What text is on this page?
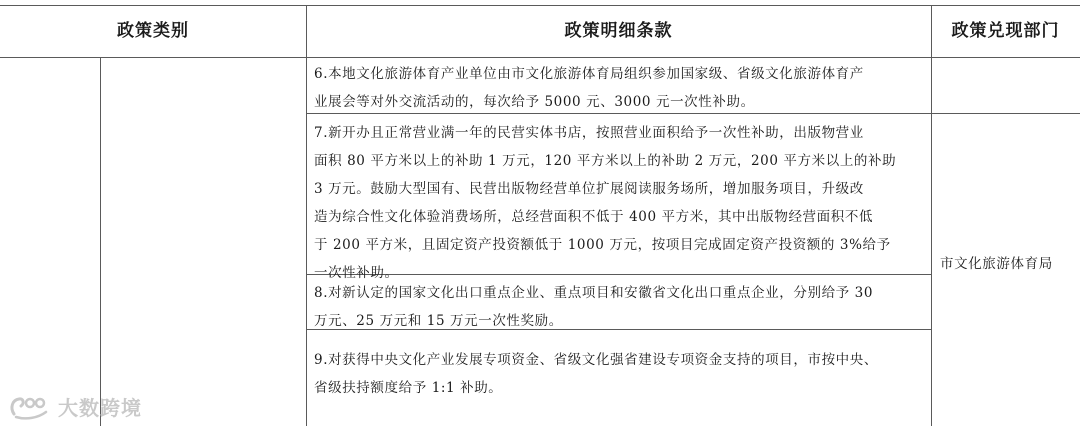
政策类别	政策明细条款	政策兑现部门
6.本地文化旅游体育产业单位由市文化旅游体育局组织参加国家级、省级文化旅游体育产
业展会等对外交流活动的，每次给予 5000 元、3000 元一次性补助。
7.新开办且正常营业满一年的民营实体书店，按照营业面积给予一次性补助，出版物营业
面积 80 平方米以上的补助 1 万元，120 平方米以上的补助 2 万元，200 平方米以上的补助
3 万元。鼓励大型国有、民营出版物经营单位扩展阅读服务场所，增加服务项目，升级改
造为综合性文化体验消费场所，总经营面积不低于 400 平方米，其中出版物经营面积不低
于 200 平方米，且固定资产投资额低于 1000 万元，按项目完成固定资产投资额的 3%给予
一次性补助。
8.对新认定的国家文化出口重点企业、重点项目和安徽省文化出口重点企业，分别给予 30
万元、25 万元和 15 万元一次性奖励。
9.对获得中央文化产业发展专项资金、省级文化强省建设专项资金支持的项目，市按中央、
省级扶持额度给予 1:1 补助。
市文化旅游体育局
大数跨境
